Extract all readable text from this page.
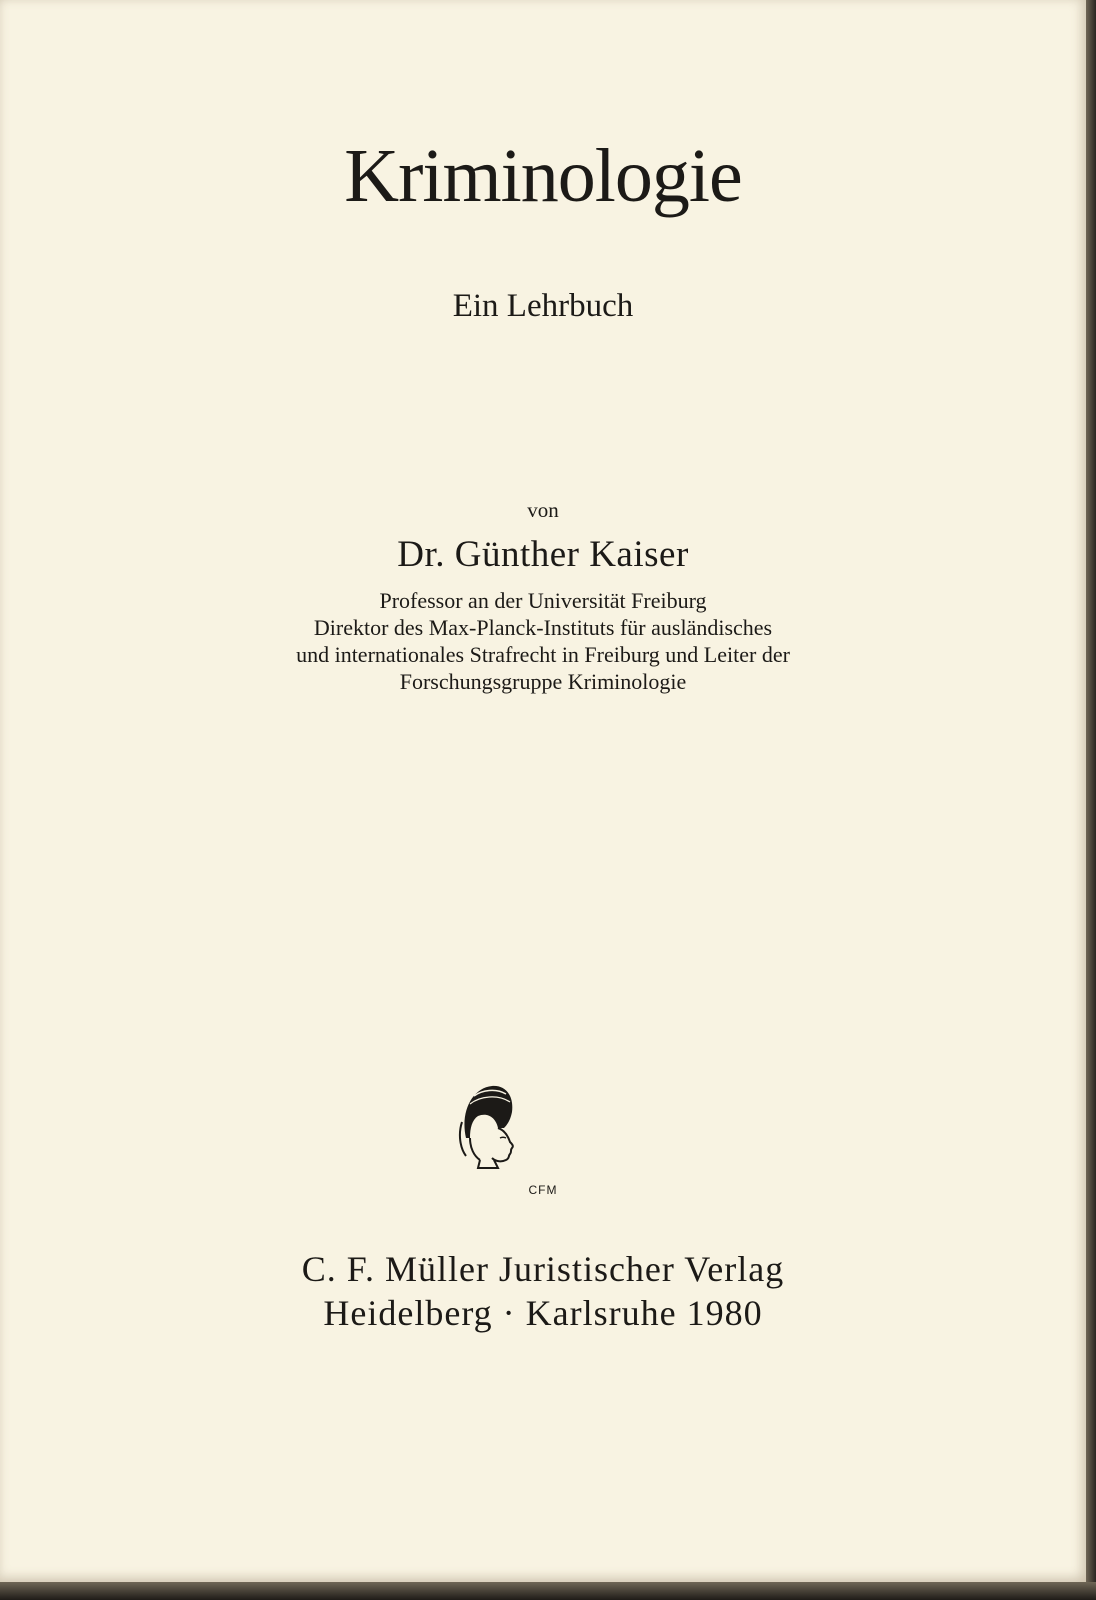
Kriminologie
Ein Lehrbuch
von
Dr. Günther Kaiser
Professor an der Universität Freiburg
Direktor des Max-Planck-Instituts für ausländisches
und internationales Strafrecht in Freiburg und Leiter der
Forschungsgruppe Kriminologie
CFM
C. F. Müller Juristischer Verlag
Heidelberg · Karlsruhe 1980
